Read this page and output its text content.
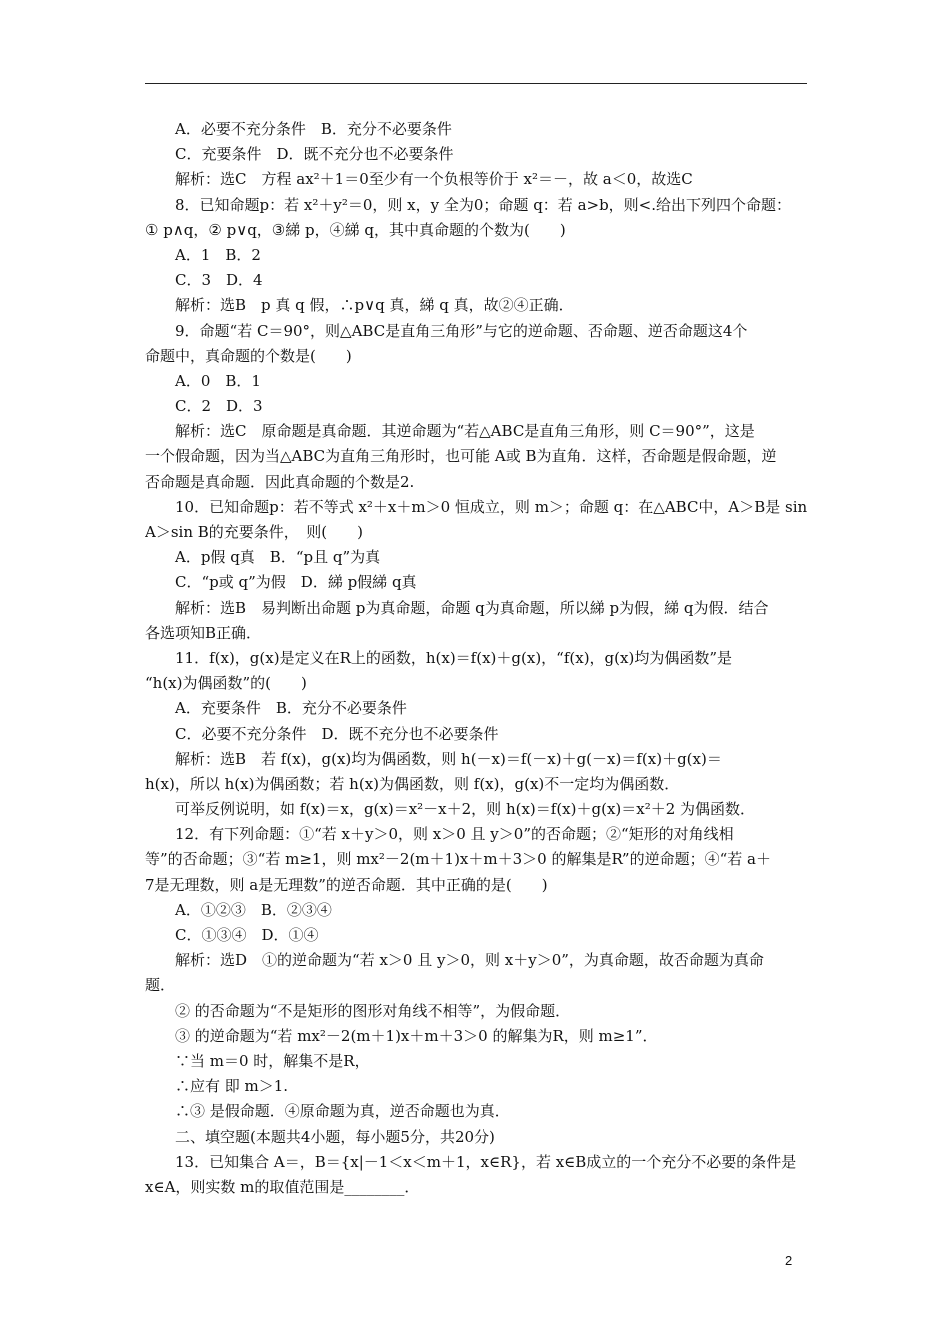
A．必要不充分条件　B．充分不必要条件
C．充要条件　D．既不充分也不必要条件
解析：选C　方程 ax²＋1＝0至少有一个负根等价于 x²＝－，故 a＜0，故选C
8．已知命题p：若 x²＋y²＝0，则 x，y 全为0；命题 q：若 a>b，则<.给出下列四个命题：
① p∧q，② p∨q，③綈 p，④綈 q，其中真命题的个数为(　　)
A．1　B．2
C．3　D．4
解析：选B　p 真 q 假，∴p∨q 真，綈 q 真，故②④正确．
9．命题“若 C＝90°，则△ABC是直角三角形”与它的逆命题、否命题、逆否命题这4个
命题中，真命题的个数是(　　)
A．0　B．1
C．2　D．3
解析：选C　原命题是真命题．其逆命题为“若△ABC是直角三角形，则 C＝90°”，这是
一个假命题，因为当△ABC为直角三角形时，也可能 A或 B为直角．这样，否命题是假命题，逆
否命题是真命题．因此真命题的个数是2.
10．已知命题p：若不等式 x²＋x＋m＞0 恒成立，则 m＞；命题 q：在△ABC中，A＞B是 sin
A＞sin B的充要条件，　则(　　)
A．p假 q真　B．“p且 q”为真
C．“p或 q”为假　D．綈 p假綈 q真
解析：选B　易判断出命题 p为真命题，命题 q为真命题，所以綈 p为假，綈 q为假．结合
各选项知B正确．
11．f(x)，g(x)是定义在R上的函数，h(x)＝f(x)＋g(x)，“f(x)，g(x)均为偶函数”是
“h(x)为偶函数”的(　　)
A．充要条件　B．充分不必要条件
C．必要不充分条件　D．既不充分也不必要条件
解析：选B　若 f(x)，g(x)均为偶函数，则 h(－x)＝f(－x)＋g(－x)＝f(x)＋g(x)＝
h(x)，所以 h(x)为偶函数；若 h(x)为偶函数，则 f(x)，g(x)不一定均为偶函数．
可举反例说明，如 f(x)＝x，g(x)＝x²－x＋2，则 h(x)＝f(x)＋g(x)＝x²＋2 为偶函数．
12．有下列命题：①“若 x＋y＞0，则 x＞0 且 y＞0”的否命题；②“矩形的对角线相
等”的否命题；③“若 m≥1，则 mx²－2(m＋1)x＋m＋3＞0 的解集是R”的逆命题；④“若 a＋
7是无理数，则 a是无理数”的逆否命题．其中正确的是(　　)
A．①②③　B．②③④
C．①③④　D．①④
解析：选D　①的逆命题为“若 x＞0 且 y＞0，则 x＋y＞0”，为真命题，故否命题为真命
题．
② 的否命题为“不是矩形的图形对角线不相等”，为假命题．
③ 的逆命题为“若 mx²－2(m＋1)x＋m＋3＞0 的解集为R，则 m≥1”．
∵当 m＝0 时，解集不是R，
∴应有 即 m＞1.
∴③ 是假命题．④原命题为真，逆否命题也为真．
二、填空题(本题共4小题，每小题5分，共20分)
13．已知集合 A＝，B＝{x|－1＜x＜m＋1，x∈R}，若 x∈B成立的一个充分不必要的条件是
x∈A，则实数 m的取值范围是________．
2
